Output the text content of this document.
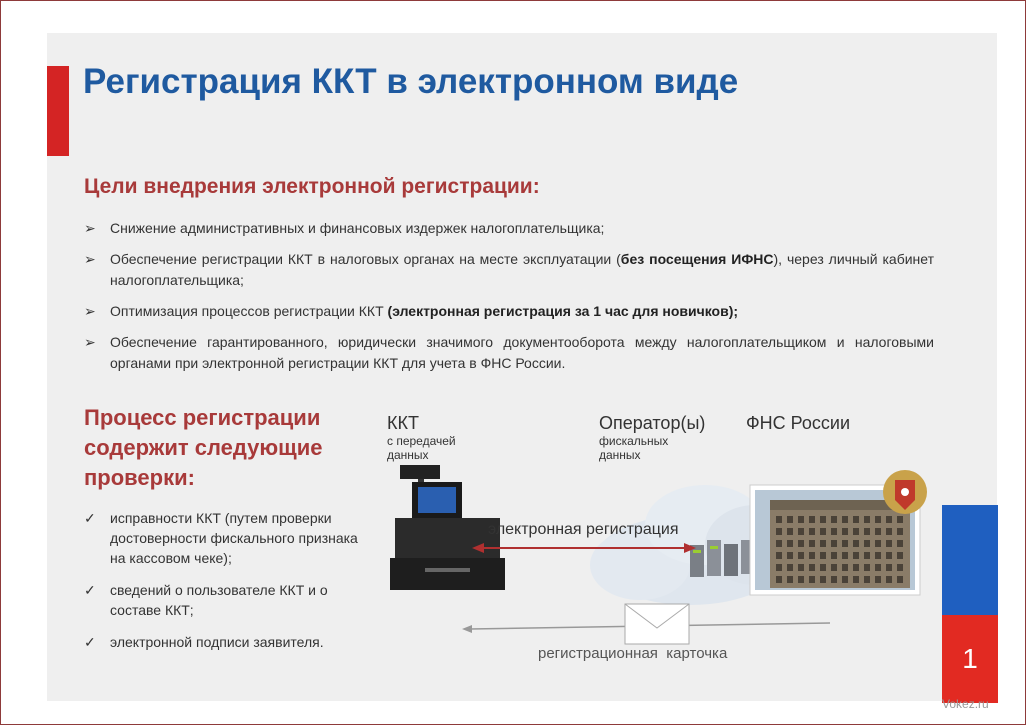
Регистрация ККТ в электронном виде
Цели внедрения электронной регистрации:
➢ Снижение административных и финансовых издержек налогоплательщика;
➢ Обеспечение регистрации ККТ в налоговых органах на месте эксплуатации (без посещения ИФНС), через личный кабинет налогоплательщика;
➢ Оптимизация процессов регистрации ККТ (электронная регистрация за 1 час для новичков);
➢ Обеспечение гарантированного, юридически значимого документооборота между налогоплательщиком и налоговыми органами при электронной регистрации ККТ для учета в ФНС России.
Процесс регистрации содержит следующие проверки:
✓ исправности ККТ (путем проверки достоверности фискального признака на кассовом чеке);
✓ сведений о пользователе ККТ и о составе ККТ;
✓ электронной подписи заявителя.
ККТ
с передачей данных
Оператор(ы)
фискальных данных
ФНС России
электронная регистрация
регистрационная  карточка	1
Vokez.ru
